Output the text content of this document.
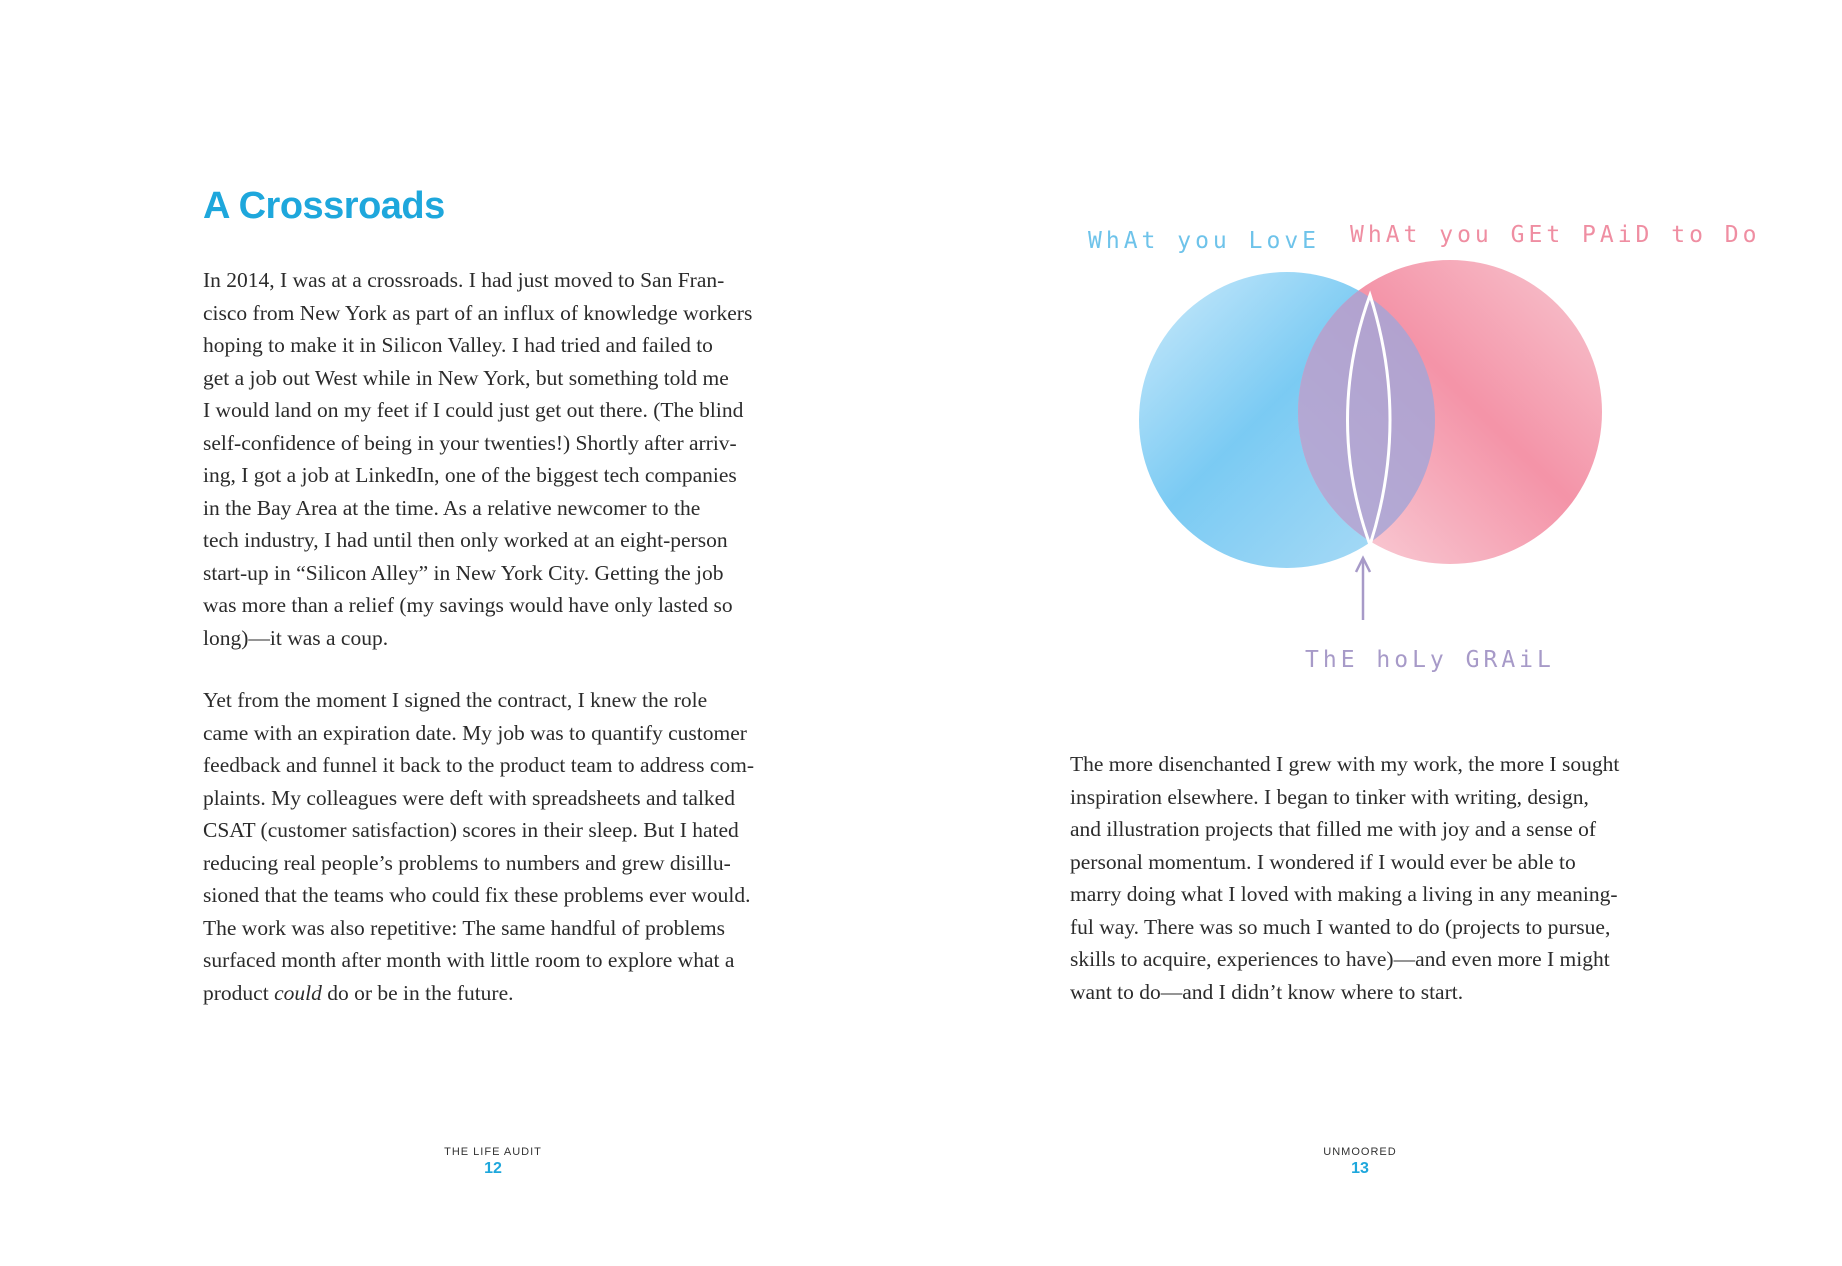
A Crossroads
In 2014, I was at a crossroads. I had just moved to San Fran-
cisco from New York as part of an influx of knowledge workers
hoping to make it in Silicon Valley. I had tried and failed to
get a job out West while in New York, but something told me
I would land on my feet if I could just get out there. (The blind
self-confidence of being in your twenties!) Shortly after arriv-
ing, I got a job at LinkedIn, one of the biggest tech companies
in the Bay Area at the time. As a relative newcomer to the
tech industry, I had until then only worked at an eight-person
start-up in “Silicon Alley” in New York City. Getting the job
was more than a relief (my savings would have only lasted so
long)—it was a coup.
Yet from the moment I signed the contract, I knew the role
came with an expiration date. My job was to quantify customer
feedback and funnel it back to the product team to address com-
plaints. My colleagues were deft with spreadsheets and talked
CSAT (customer satisfaction) scores in their sleep. But I hated
reducing real people’s problems to numbers and grew disillu-
sioned that the teams who could fix these problems ever would.
The work was also repetitive: The same handful of problems
surfaced month after month with little room to explore what a
product could do or be in the future.
THE LIFE AUDIT
12
The more disenchanted I grew with my work, the more I sought
inspiration elsewhere. I began to tinker with writing, design,
and illustration projects that filled me with joy and a sense of
personal momentum. I wondered if I would ever be able to
marry doing what I loved with making a living in any meaning-
ful way. There was so much I wanted to do (projects to pursue,
skills to acquire, experiences to have)—and even more I might
want to do—and I didn’t know where to start.
UNMOORED
13
WhAt you LovE WhAt you GEt PAiD to Do
ThE hoLy GRAiL
